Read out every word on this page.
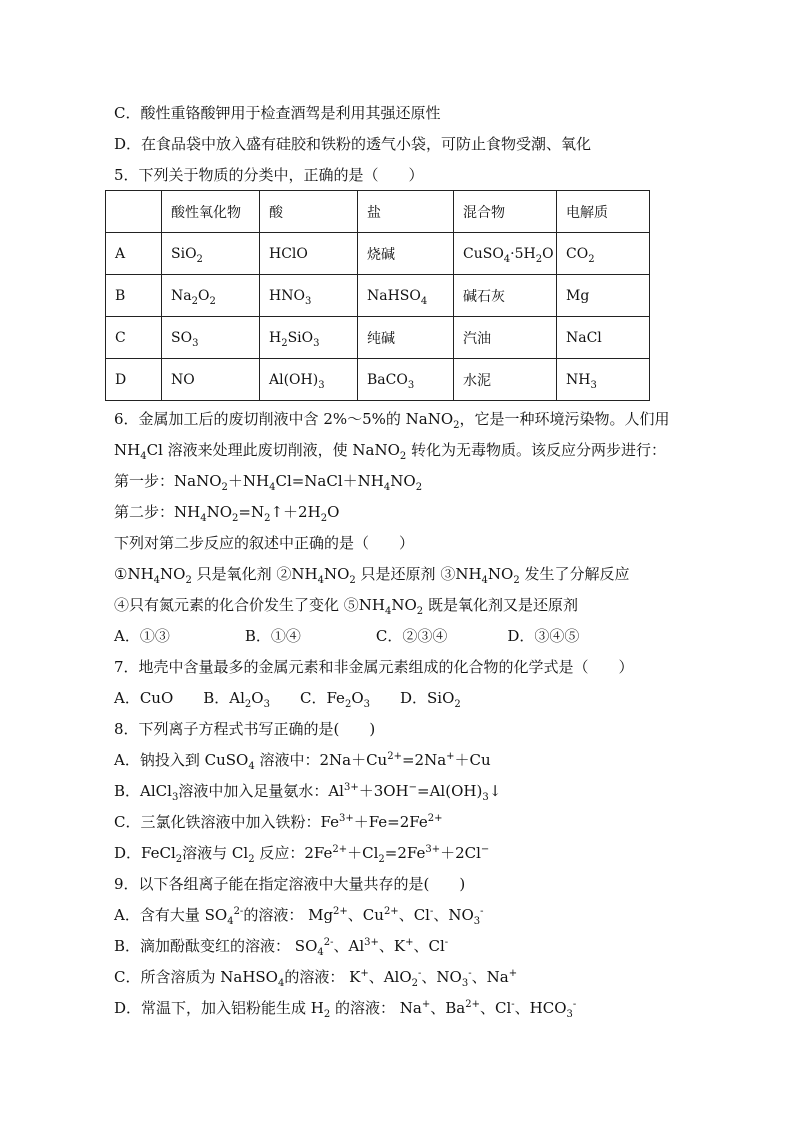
C．酸性重铬酸钾用于检查酒驾是利用其强还原性
D．在食品袋中放入盛有硅胶和铁粉的透气小袋，可防止食物受潮、氧化
5．下列关于物质的分类中，正确的是（　　）
	酸性氧化物	酸	盐	混合物	电解质
A	SiO$_2$	HClO	烧碱	$CuSO_4\cdot 5H_2O$	$CO_2$
B	$Na_2O_2$	$HNO_3$	NaHSO$_4$	碱石灰	Mg
C	$SO_3$	$H_2SiO_3$	纯碱	汽油	NaCl
D	NO	$Al(OH)_3$	BaCO$_3$	水泥	$NH_3$
6．金属加工后的废切削液中含 2%～5%的 NaNO$_2$，它是一种环境污染物。人们用
$NH_4Cl$ 溶液来处理此废切削液，使 NaNO$_2$ 转化为无毒物质。该反应分两步进行：
第一步：$NaNO_2+NH_4Cl=NaCl+NH_4NO_2$
第二步：$NH_4NO_2=N_2↑+2H_2O$
下列对第二步反应的叙述中正确的是（　　）
$①NH_4NO_2$ 只是氧化剂 $②NH_4NO_2$ 只是还原剂 $③NH_4NO_2$ 发生了分解反应
④只有氮元素的化合价发生了变化 $⑤NH_4NO_2$ 既是氧化剂又是还原剂
A．①③　　　　　B．①④　　　　　C．②③④　　　　D．③④⑤
7．地壳中含量最多的金属元素和非金属元素组成的化合物的化学式是（　　）
A．CuO　　B．$Al_2O_3$　　C．$Fe_2O_3$　　D．SiO$_2$
8．下列离子方程式书写正确的是(　　)
A．钠投入到 CuSO$_4$ 溶液中：$2Na+Cu^{2+}=2Na^++Cu$
B．AlCl$_3$溶液中加入足量氨水：$Al^{3+}+3OH^-=Al(OH)_3↓$
C．三氯化铁溶液中加入铁粉：$Fe^{3+}+Fe=2Fe^{2+}$
D．FeCl$_2$溶液与 $Cl_2$ 反应：$2Fe^{2+}+Cl_2=2Fe^{3+}+2Cl^-$
9．以下各组离子能在指定溶液中大量共存的是(　　)
A．含有大量 $SO_4^{2-}$的溶液： $Mg^{2+}$、$Cu^{2+}$、Cl-、$NO_3^-$
B．滴加酚酞变红的溶液： $SO_4^{2-}$、$Al^{3+}$、K+、Cl-
C．所含溶质为 NaHSO$_4$的溶液： K+、AlO$_2$-、$NO_3^-$、Na+
D．常温下，加入铝粉能生成 $H_2$ 的溶液： Na+、$Ba^{2+}$、Cl-、$HCO_3^-$
